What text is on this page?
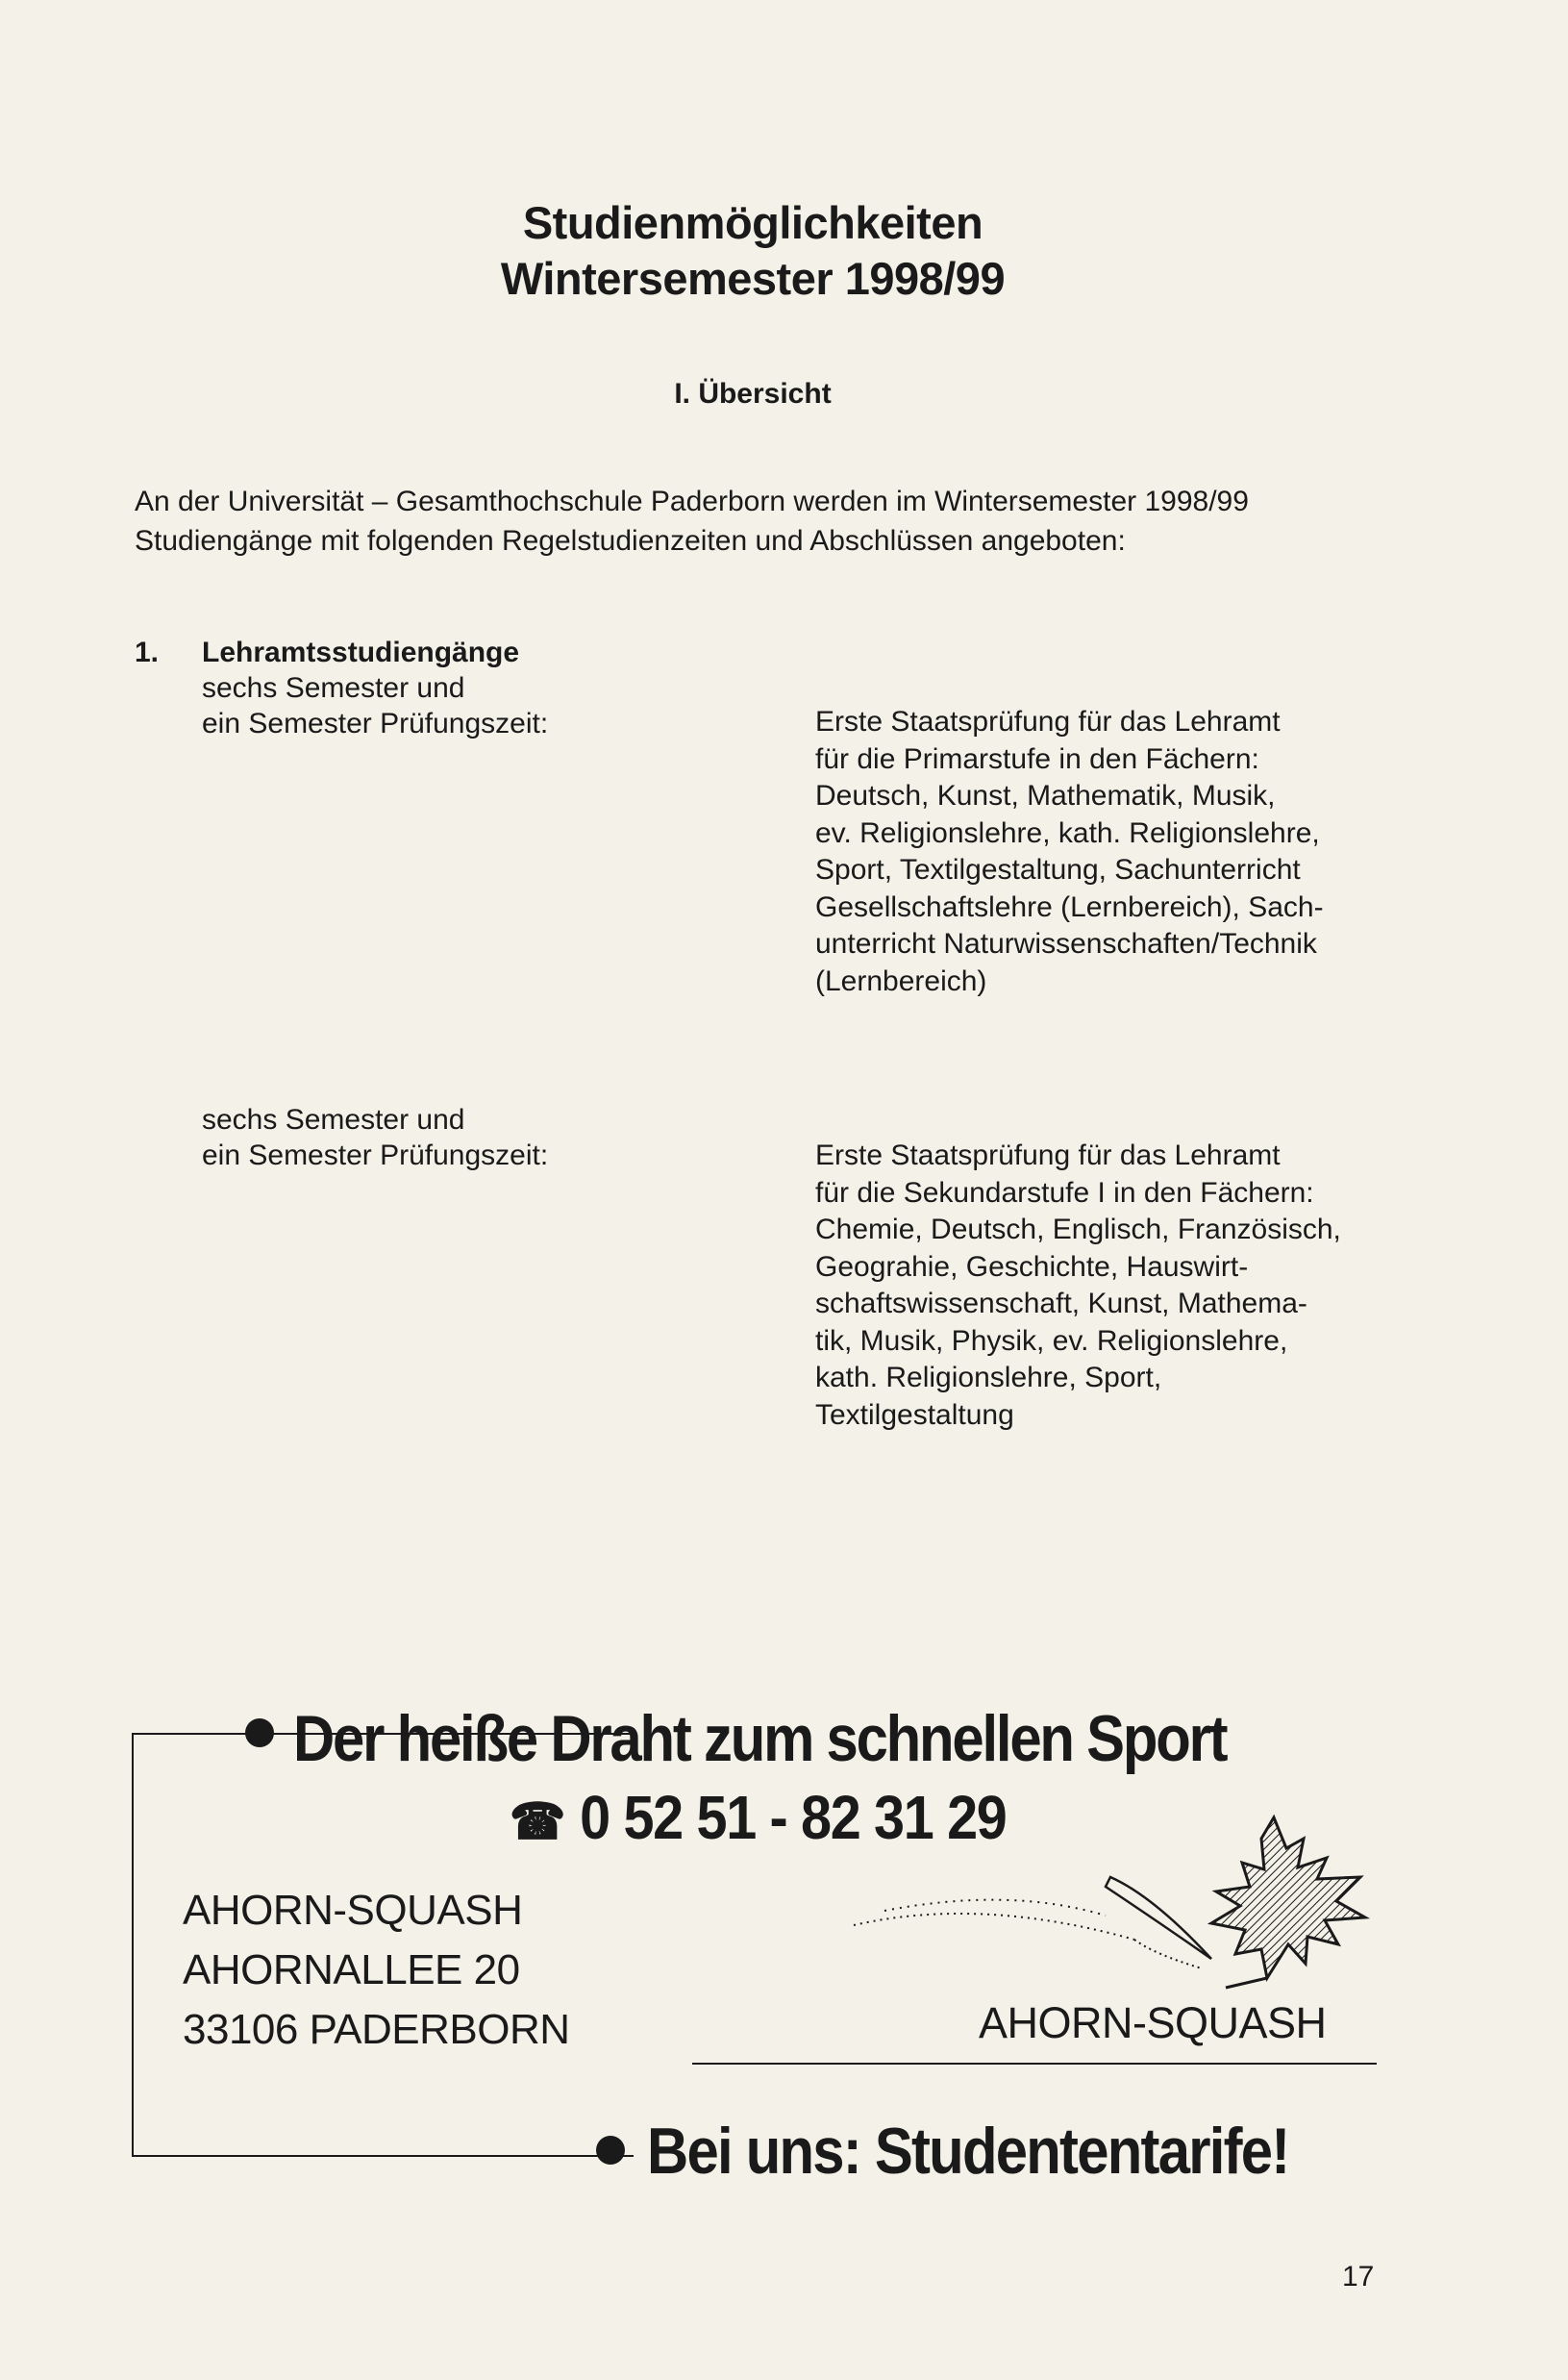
Studienmöglichkeiten
Wintersemester 1998/99
I. Übersicht
An der Universität – Gesamthochschule Paderborn werden im Wintersemester 1998/99
Studiengänge mit folgenden Regelstudienzeiten und Abschlüssen angeboten:
1. Lehramtsstudiengänge
sechs Semester und
ein Semester Prüfungszeit:	Erste Staatsprüfung für das Lehramt
für die Primarstufe in den Fächern:
Deutsch, Kunst, Mathematik, Musik,
ev. Religionslehre, kath. Religionslehre,
Sport, Textilgestaltung, Sachunterricht
Gesellschaftslehre (Lernbereich), Sach-
unterricht Naturwissenschaften/Technik
(Lernbereich)
sechs Semester und
ein Semester Prüfungszeit:	Erste Staatsprüfung für das Lehramt
für die Sekundarstufe I in den Fächern:
Chemie, Deutsch, Englisch, Französisch,
Geograhie, Geschichte, Hauswirt-
schaftswissenschaft, Kunst, Mathema-
tik, Musik, Physik, ev. Religionslehre,
kath. Religionslehre, Sport,
Textilgestaltung
Der heiße Draht zum schnellen Sport
☎ 0 52 51 - 82 31 29
AHORN-SQUASH
AHORNALLEE 20
33106 PADERBORN	AHORN-SQUASH
Bei uns: Studententarife!
17
